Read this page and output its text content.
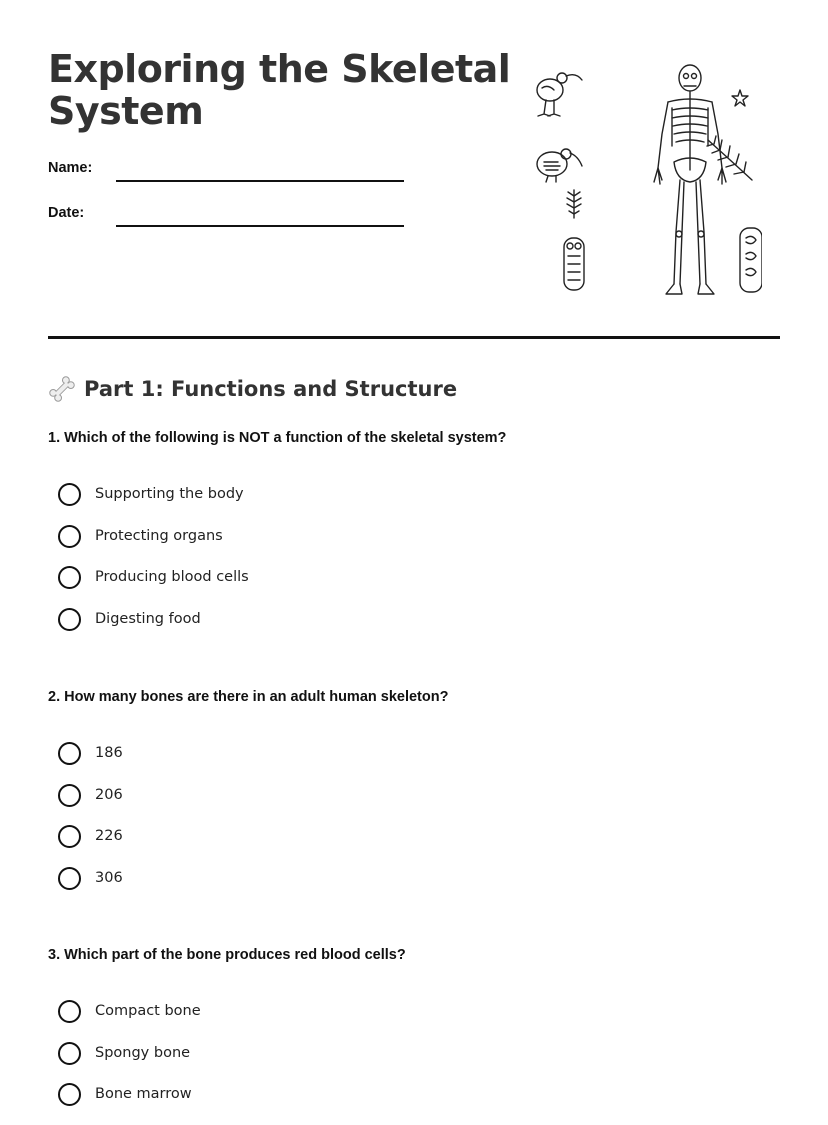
Exploring the Skeletal System
Name:
Date:
Part 1: Functions and Structure

1. Which of the following is NOT a function of the skeletal system?

Supporting the body
Protecting organs
Producing blood cells
Digesting food

2. How many bones are there in an adult human skeleton?

186
206
226
306

3. Which part of the bone produces red blood cells?

Compact bone
Spongy bone
Bone marrow
